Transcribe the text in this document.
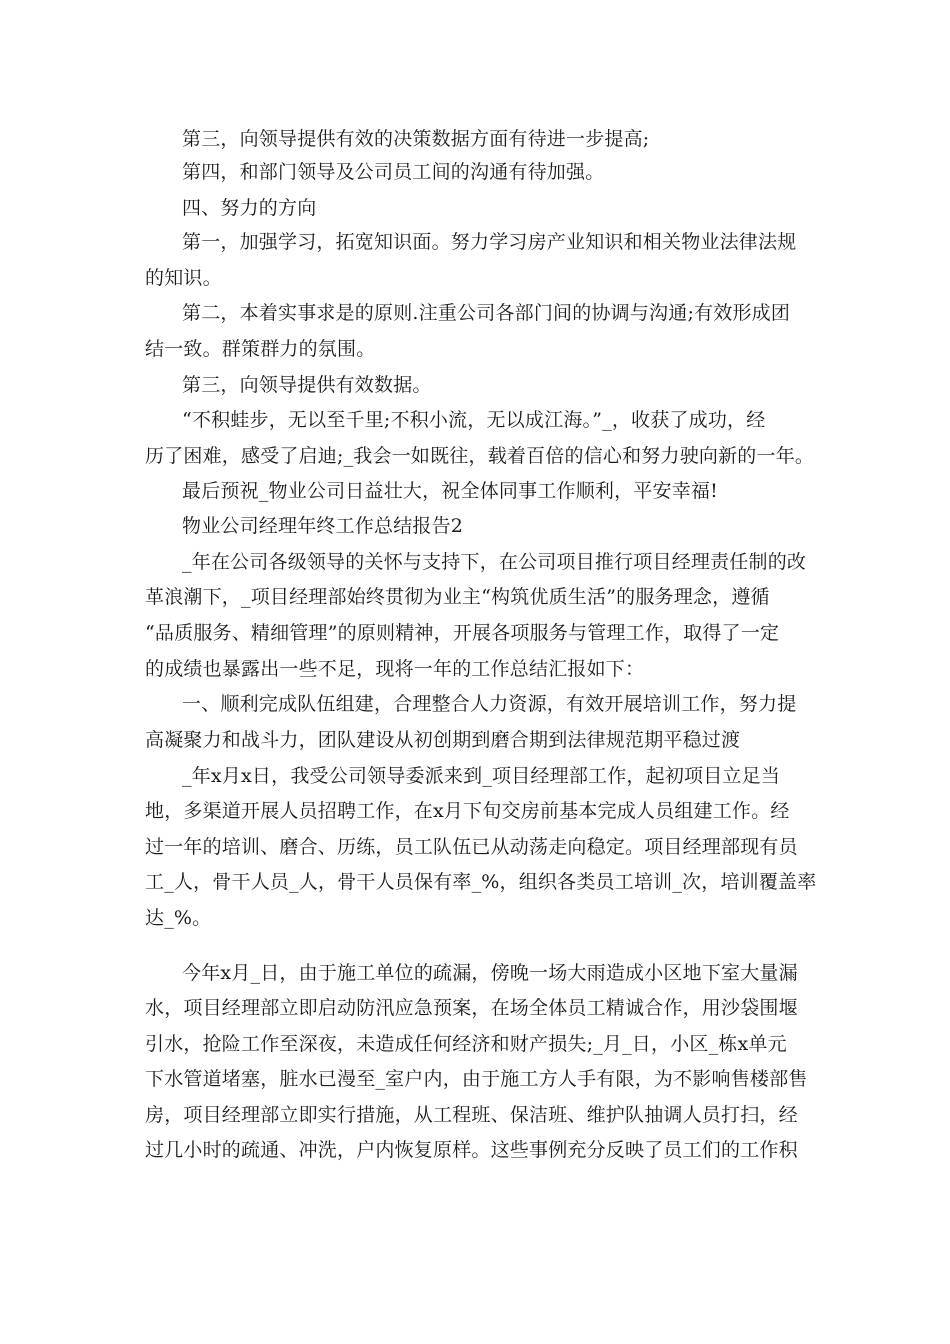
第三，向领导提供有效的决策数据方面有待进一步提高;
第四，和部门领导及公司员工间的沟通有待加强。
四、努力的方向
第一，加强学习，拓宽知识面。努力学习房产业知识和相关物业法律法规
的知识。
第二，本着实事求是的原则.注重公司各部门间的协调与沟通;有效形成团
结一致。群策群力的氛围。
第三，向领导提供有效数据。
“不积蛙步，无以至千里;不积小流，无以成江海。”_，收获了成功，经
历了困难，感受了启迪;_我会一如既往，载着百倍的信心和努力驶向新的一年。
最后预祝_物业公司日益壮大，祝全体同事工作顺利，平安幸福!
物业公司经理年终工作总结报告2
_年在公司各级领导的关怀与支持下，在公司项目推行项目经理责任制的改
革浪潮下，_项目经理部始终贯彻为业主“构筑优质生活”的服务理念，遵循
“品质服务、精细管理”的原则精神，开展各项服务与管理工作，取得了一定
的成绩也暴露出一些不足，现将一年的工作总结汇报如下：
一、顺利完成队伍组建，合理整合人力资源，有效开展培训工作，努力提
高凝聚力和战斗力，团队建设从初创期到磨合期到法律规范期平稳过渡
_年x月x日，我受公司领导委派来到_项目经理部工作，起初项目立足当
地，多渠道开展人员招聘工作，在x月下旬交房前基本完成人员组建工作。经
过一年的培训、磨合、历练，员工队伍已从动荡走向稳定。项目经理部现有员
工_人，骨干人员_人，骨干人员保有率_%，组织各类员工培训_次，培训覆盖率
达_%。
今年x月_日，由于施工单位的疏漏，傍晚一场大雨造成小区地下室大量漏
水，项目经理部立即启动防汛应急预案，在场全体员工精诚合作，用沙袋围堰
引水，抢险工作至深夜，未造成任何经济和财产损失;_月_日，小区_栋x单元
下水管道堵塞，脏水已漫至_室户内，由于施工方人手有限，为不影响售楼部售
房，项目经理部立即实行措施，从工程班、保洁班、维护队抽调人员打扫，经
过几小时的疏通、冲洗，户内恢复原样。这些事例充分反映了员工们的工作积
